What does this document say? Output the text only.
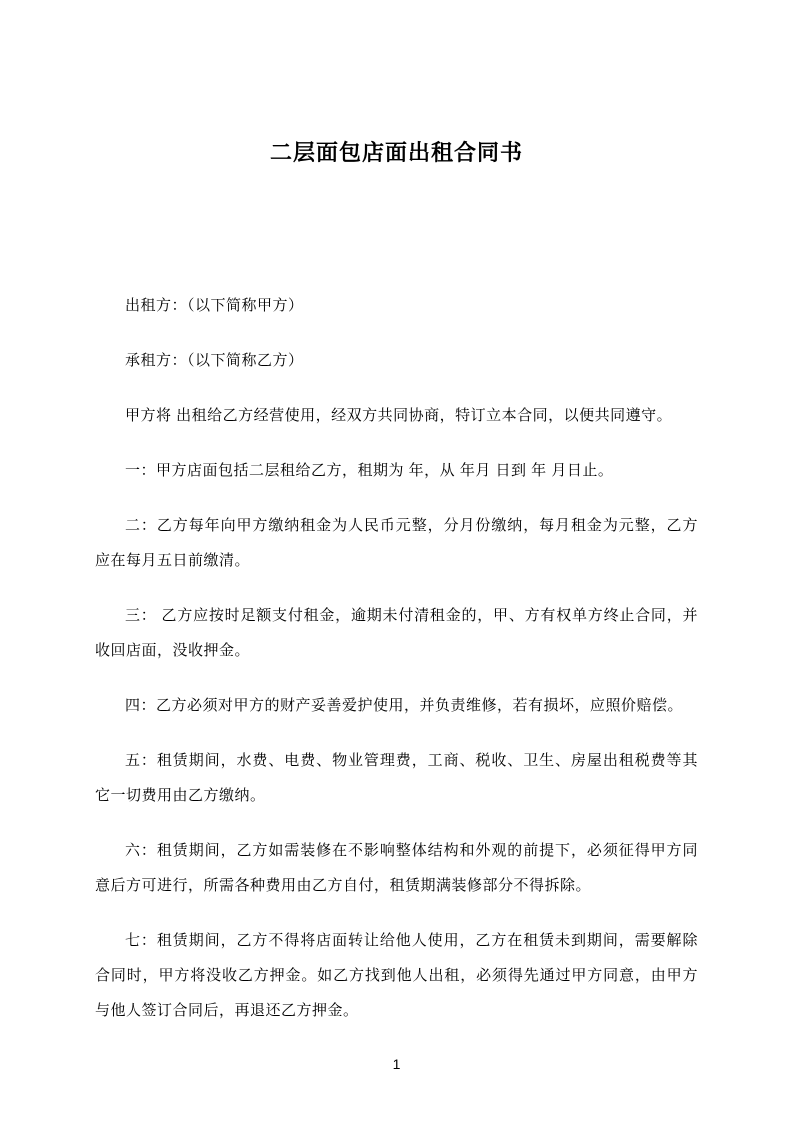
二层面包店面出租合同书

出租方：（以下简称甲方）

承租方：（以下简称乙方）

甲方将 出租给乙方经营使用，经双方共同协商，特订立本合同，以便共同遵守。

一：甲方店面包括二层租给乙方，租期为 年，从 年月 日到 年 月日止。

二：乙方每年向甲方缴纳租金为人民币元整，分月份缴纳，每月租金为元整，乙方应在每月五日前缴清。

三： 乙方应按时足额支付租金，逾期未付清租金的，甲、方有权单方终止合同，并收回店面，没收押金。

四：乙方必须对甲方的财产妥善爱护使用，并负责维修，若有损坏，应照价赔偿。

五：租赁期间，水费、电费、物业管理费，工商、税收、卫生、房屋出租税费等其它一切费用由乙方缴纳。

六：租赁期间，乙方如需装修在不影响整体结构和外观的前提下，必须征得甲方同意后方可进行，所需各种费用由乙方自付，租赁期满装修部分不得拆除。

七：租赁期间，乙方不得将店面转让给他人使用，乙方在租赁未到期间，需要解除合同时，甲方将没收乙方押金。如乙方找到他人出租，必须得先通过甲方同意，由甲方与他人签订合同后，再退还乙方押金。

1
